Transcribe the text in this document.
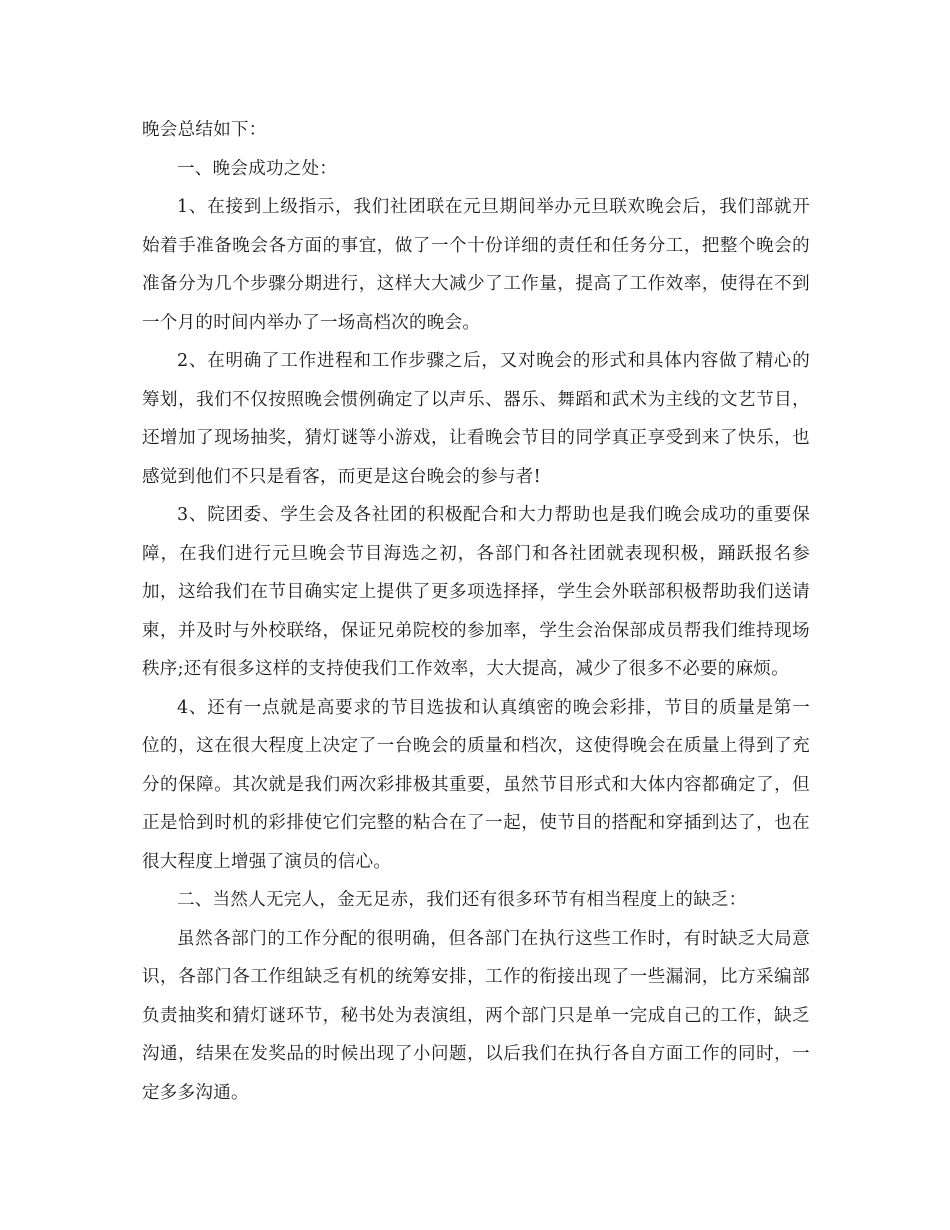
晚会总结如下：

一、晚会成功之处：

1、在接到上级指示，我们社团联在元旦期间举办元旦联欢晚会后，我们部就开始着手准备晚会各方面的事宜，做了一个十份详细的责任和任务分工，把整个晚会的准备分为几个步骤分期进行，这样大大减少了工作量，提高了工作效率，使得在不到一个月的时间内举办了一场高档次的晚会。

2、在明确了工作进程和工作步骤之后，又对晚会的形式和具体内容做了精心的筹划，我们不仅按照晚会惯例确定了以声乐、器乐、舞蹈和武术为主线的文艺节目，还增加了现场抽奖，猜灯谜等小游戏，让看晚会节目的同学真正享受到来了快乐，也感觉到他们不只是看客，而更是这台晚会的参与者!

3、院团委、学生会及各社团的积极配合和大力帮助也是我们晚会成功的重要保障，在我们进行元旦晚会节目海选之初，各部门和各社团就表现积极，踊跃报名参加，这给我们在节目确实定上提供了更多项选择择，学生会外联部积极帮助我们送请柬，并及时与外校联络，保证兄弟院校的参加率，学生会治保部成员帮我们维持现场秩序;还有很多这样的支持使我们工作效率，大大提高，减少了很多不必要的麻烦。

4、还有一点就是高要求的节目选拔和认真缜密的晚会彩排，节目的质量是第一位的，这在很大程度上决定了一台晚会的质量和档次，这使得晚会在质量上得到了充分的保障。其次就是我们两次彩排极其重要，虽然节目形式和大体内容都确定了，但正是恰到时机的彩排使它们完整的粘合在了一起，使节目的搭配和穿插到达了，也在很大程度上增强了演员的信心。

二、当然人无完人，金无足赤，我们还有很多环节有相当程度上的缺乏：

虽然各部门的工作分配的很明确，但各部门在执行这些工作时，有时缺乏大局意识，各部门各工作组缺乏有机的统筹安排，工作的衔接出现了一些漏洞，比方采编部负责抽奖和猜灯谜环节，秘书处为表演组，两个部门只是单一完成自己的工作，缺乏沟通，结果在发奖品的时候出现了小问题，以后我们在执行各自方面工作的同时，一定多多沟通。
